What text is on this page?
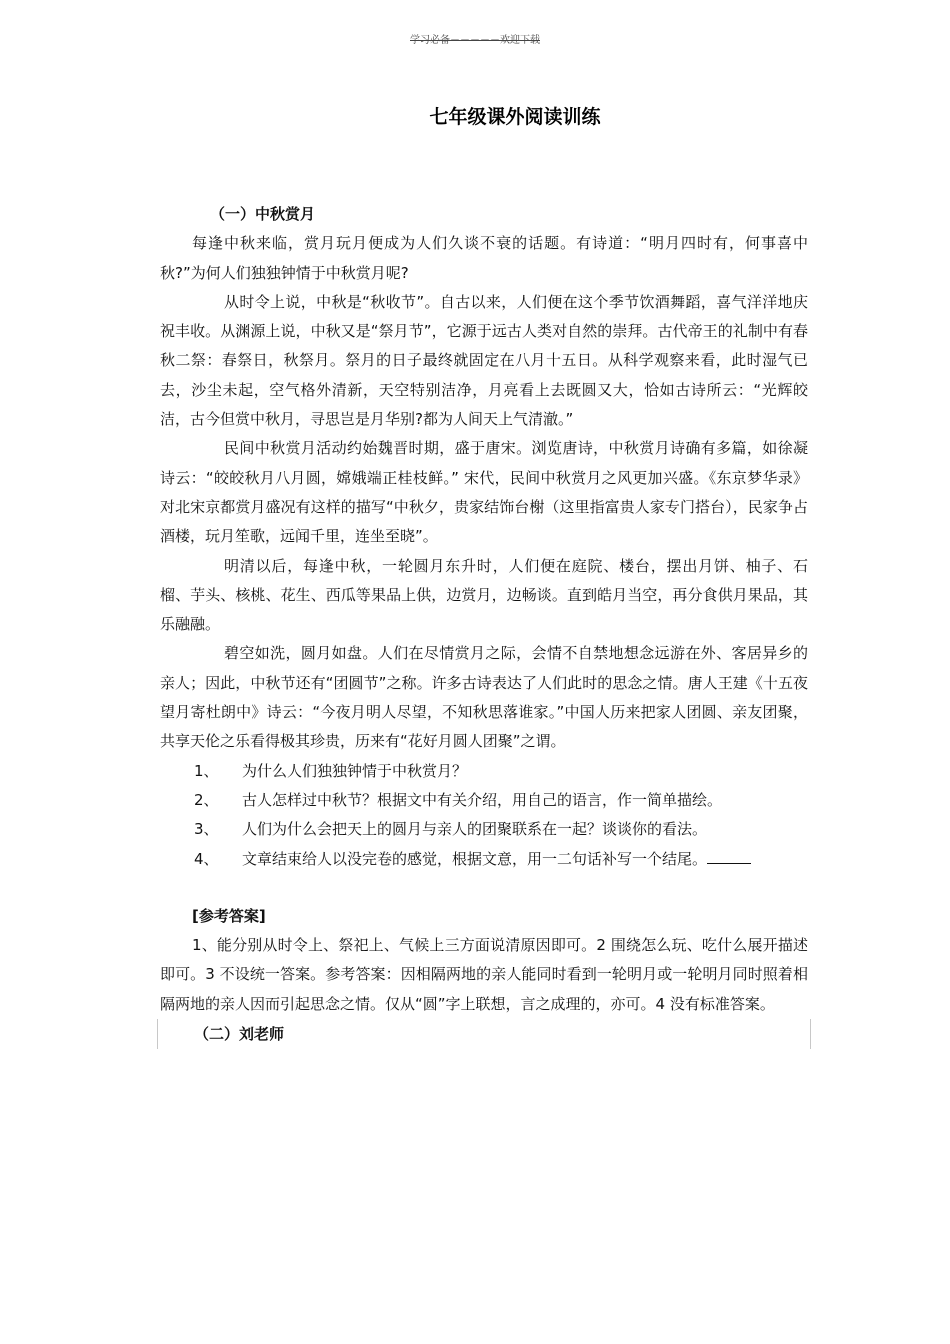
学习必备－－－－－欢迎下载
七年级课外阅读训练

（一）中秋赏月

每逢中秋来临，赏月玩月便成为人们久谈不衰的话题。有诗道：“明月四时有，何事喜中秋?”为何人们独独钟情于中秋赏月呢?

从时令上说，中秋是“秋收节”。自古以来，人们便在这个季节饮酒舞蹈，喜气洋洋地庆祝丰收。从渊源上说，中秋又是“祭月节”，它源于远古人类对自然的崇拜。古代帝王的礼制中有春秋二祭：春祭日，秋祭月。祭月的日子最终就固定在八月十五日。从科学观察来看，此时湿气已去，沙尘未起，空气格外清新，天空特别洁净，月亮看上去既圆又大，恰如古诗所云：“光辉皎洁，古今但赏中秋月，寻思岂是月华别?都为人间天上气清澈。”

民间中秋赏月活动约始魏晋时期，盛于唐宋。浏览唐诗，中秋赏月诗确有多篇，如徐凝诗云：“皎皎秋月八月圆，嫦娥端正桂枝鲜。” 宋代，民间中秋赏月之风更加兴盛。《东京梦华录》对北宋京都赏月盛况有这样的描写“中秋夕，贵家结饰台榭（这里指富贵人家专门搭台），民家争占酒楼，玩月笙歌，远闻千里，连坐至晓”。

明清以后，每逢中秋，一轮圆月东升时，人们便在庭院、楼台，摆出月饼、柚子、石榴、芋头、核桃、花生、西瓜等果品上供，边赏月，边畅谈。直到皓月当空，再分食供月果品，其乐融融。

碧空如洗，圆月如盘。人们在尽情赏月之际，会情不自禁地想念远游在外、客居异乡的亲人；因此，中秋节还有“团圆节”之称。许多古诗表达了人们此时的思念之情。唐人王建《十五夜望月寄杜朗中》诗云：“今夜月明人尽望，不知秋思落谁家。”中国人历来把家人团圆、亲友团聚，共享天伦之乐看得极其珍贵，历来有“花好月圆人团聚”之谓。

1、	为什么人们独独钟情于中秋赏月？
2、	古人怎样过中秋节？根据文中有关介绍，用自己的语言，作一简单描绘。
3、	人们为什么会把天上的圆月与亲人的团聚联系在一起？谈谈你的看法。
4、	文章结束给人以没完卷的感觉，根据文意，用一二句话补写一个结尾。

[参考答案]

1、能分别从时令上、祭祀上、气候上三方面说清原因即可。2 围绕怎么玩、吃什么展开描述即可。3 不设统一答案。参考答案：因相隔两地的亲人能同时看到一轮明月或一轮明月同时照着相隔两地的亲人因而引起思念之情。仅从“圆”字上联想，言之成理的，亦可。4 没有标准答案。

（二）刘老师
